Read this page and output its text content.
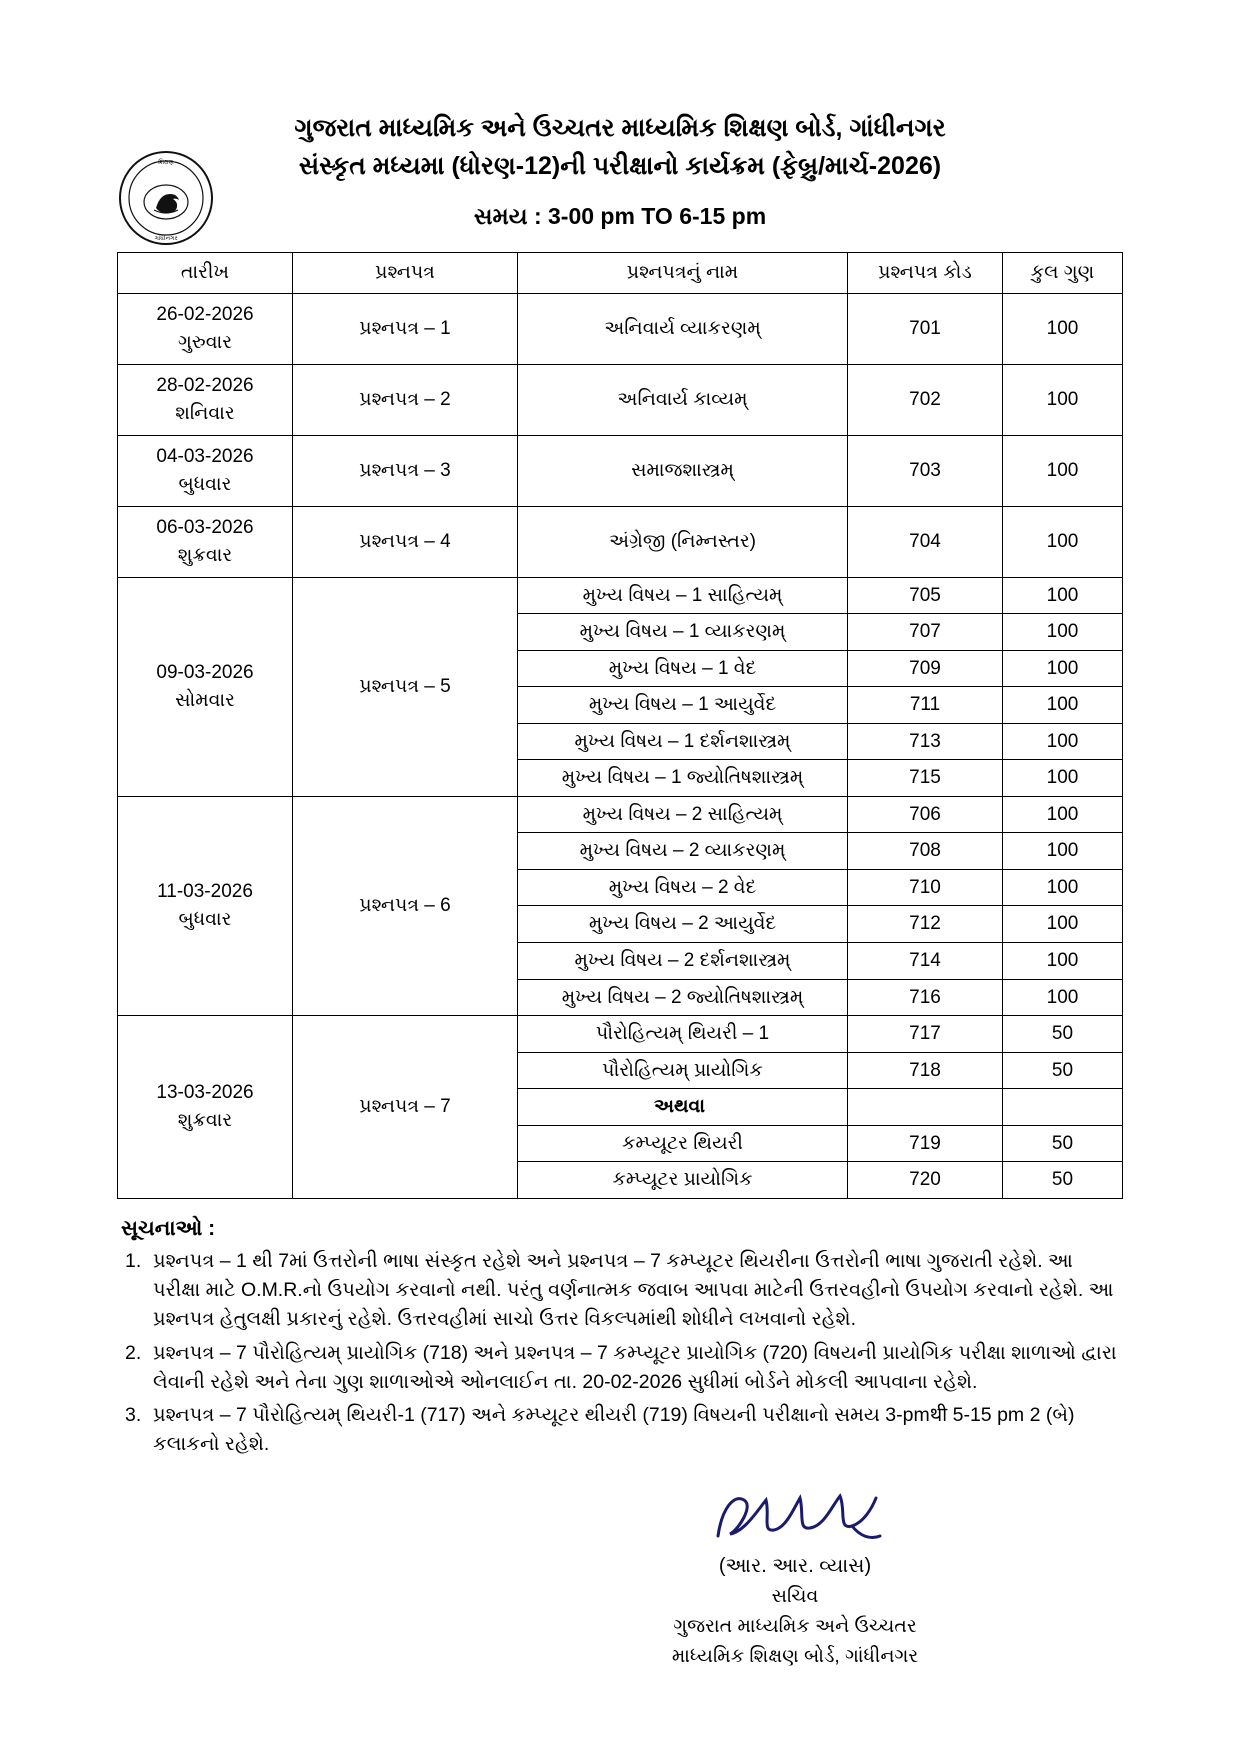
શિક્ષણ
ગાંધીનગર
ગુજરાત માધ્યમિક અને ઉચ્ચતર માધ્યમિક શિક્ષણ બોર્ડ, ગાંધીનગર
સંસ્કૃત મધ્યમા (ધોરણ-12)ની પરીક્ષાનો કાર્યક્રમ (ફેબ્રુ/માર્ચ-2026)
સમય : 3-00 pm TO 6-15 pm
તારીખ	પ્રશ્નપત્ર	પ્રશ્નપત્રનું નામ	પ્રશ્નપત્ર કોડ	કુલ ગુણ

26-02-2026
ગુરુવાર	પ્રશ્નપત્ર – 1	અનિવાર્ય વ્યાકરણમ્	701	100

28-02-2026
શનિવાર	પ્રશ્નપત્ર – 2	અનિવાર્ય કાવ્યમ્	702	100

04-03-2026
બુધવાર	પ્રશ્નપત્ર – 3	સમાજશાસ્ત્રમ્	703	100

06-03-2026
શુક્રવાર	પ્રશ્નપત્ર – 4	અંગ્રેજી (નિમ્નસ્તર)	704	100

09-03-2026
સોમવાર	પ્રશ્નપત્ર – 5	મુખ્ય વિષય – 1 સાહિત્યમ્	705	100
		મુખ્ય વિષય – 1 વ્યાકરણમ્	707	100
		મુખ્ય વિષય – 1 વેદ	709	100
		મુખ્ય વિષય – 1 આયુર્વેદ	711	100
		મુખ્ય વિષય – 1 દર્શનશાસ્ત્રમ્	713	100
		મુખ્ય વિષય – 1 જ્યોતિષશાસ્ત્રમ્	715	100

11-03-2026
બુધવાર	પ્રશ્નપત્ર – 6	મુખ્ય વિષય – 2 સાહિત્યમ્	706	100
		મુખ્ય વિષય – 2 વ્યાકરણમ્	708	100
		મુખ્ય વિષય – 2 વેદ	710	100
		મુખ્ય વિષય – 2 આયુર્વેદ	712	100
		મુખ્ય વિષય – 2 દર્શનશાસ્ત્રમ્	714	100
		મુખ્ય વિષય – 2 જ્યોતિષશાસ્ત્રમ્	716	100

13-03-2026
શુક્રવાર	પ્રશ્નપત્ર – 7	પૌરોહિત્યમ્ થિયરી – 1	717	50
		પૌરોહિત્યમ્ પ્રાયોગિક	718	50
		અથવા		
		કમ્પ્યૂટર થિયરી	719	50
		કમ્પ્યૂટર પ્રાયોગિક	720	50
સૂચનાઓ :
1. પ્રશ્નપત્ર – 1 થી 7માં ઉત્તરોની ભાષા સંસ્કૃત રહેશે અને પ્રશ્નપત્ર – 7 કમ્પ્યૂટર થિયરીના ઉત્તરોની ભાષા ગુજરાતી રહેશે. આ પરીક્ષા માટે O.M.R.નો ઉપયોગ કરવાનો નથી. પરંતુ વર્ણનાત્મક જવાબ આપવા માટેની ઉત્તરવહીનો ઉપયોગ કરવાનો રહેશે. આ પ્રશ્નપત્ર હેતુલક્ષી પ્રકારનું રહેશે. ઉત્તરવહીમાં સાચો ઉત્તર વિકલ્પમાંથી શોધીને લખવાનો રહેશે.
2. પ્રશ્નપત્ર – 7 પૌરોહિત્યમ્ પ્રાયોગિક (718) અને પ્રશ્નપત્ર – 7 કમ્પ્યૂટર પ્રાયોગિક (720) વિષયની પ્રાયોગિક પરીક્ષા શાળાઓ દ્વારા લેવાની રહેશે અને તેના ગુણ શાળાઓએ ઓનલાઈન તા. 20-02-2026 સુધીમાં બોર્ડને મોકલી આપવાના રહેશે.
3. પ્રશ્નપત્ર – 7 પૌરોહિત્યમ્ થિયરી-1 (717) અને કમ્પ્યૂટર થીયરી (719) વિષયની પરીક્ષાનો સમય 3-pmथी 5-15 pm 2 (બે) કલાકનો રહેશે.
(આર. આર. વ્યાસ)
સચિવ
ગુજરાત માધ્યમિક અને ઉચ્ચતર
માધ્યમિક શિક્ષણ બોર્ડ, ગાંધીનગર
